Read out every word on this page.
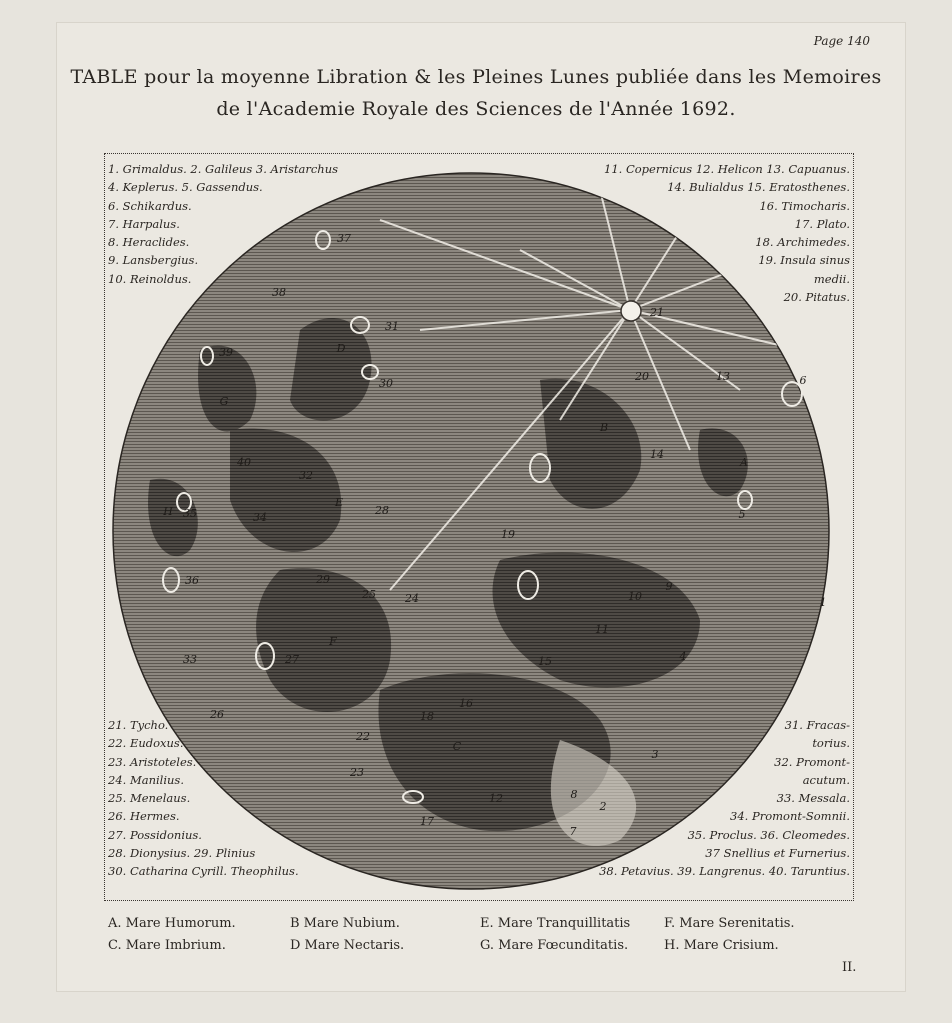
Page 140
TABLE pour la moyenne Libration & les Pleines Lunes publiée dans les Memoires
de l'Academie Royale des Sciences de l'Année 1692.
1
2
3
4
5
6
7
8
9
10
11
12
13
14
15
16
17
18
19
20
21
22
23
24
25
26
27
28
29
30
31
32
33
34
35
36
37
38
39
40	A
B
C
D
E
F
G
H
1. Grimaldus. 2. Galileus 3. Aristarchus
4. Keplerus. 5. Gassendus.
6. Schikardus.
7. Harpalus.
8. Heraclides.
9. Lansbergius.
10. Reinoldus.
11. Copernicus 12. Helicon 13. Capuanus.
14. Bulialdus 15. Eratosthenes.
16. Timocharis.
17. Plato.
18. Archimedes.
19. Insula sinus
medii.
20. Pitatus.
21. Tycho.
22. Eudoxus.
23. Aristoteles.
24. Manilius.
25. Menelaus.
26. Hermes.
27. Possidonius.
28. Dionysius. 29. Plinius
30. Catharina Cyrill. Theophilus.
31. Fracas-
torius.
32. Promont-
acutum.
33. Messala.
34. Promont-Somnii.
35. Proclus. 36. Cleomedes.
37 Snellius et Furnerius.
38. Petavius. 39. Langrenus. 40. Taruntius.
A. Mare Humorum.
C. Mare Imbrium.
B Mare Nubium.
D Mare Nectaris.
E. Mare Tranquillitatis
G. Mare Fœcunditatis.
F. Mare Serenitatis.
H. Mare Crisium.
II.
